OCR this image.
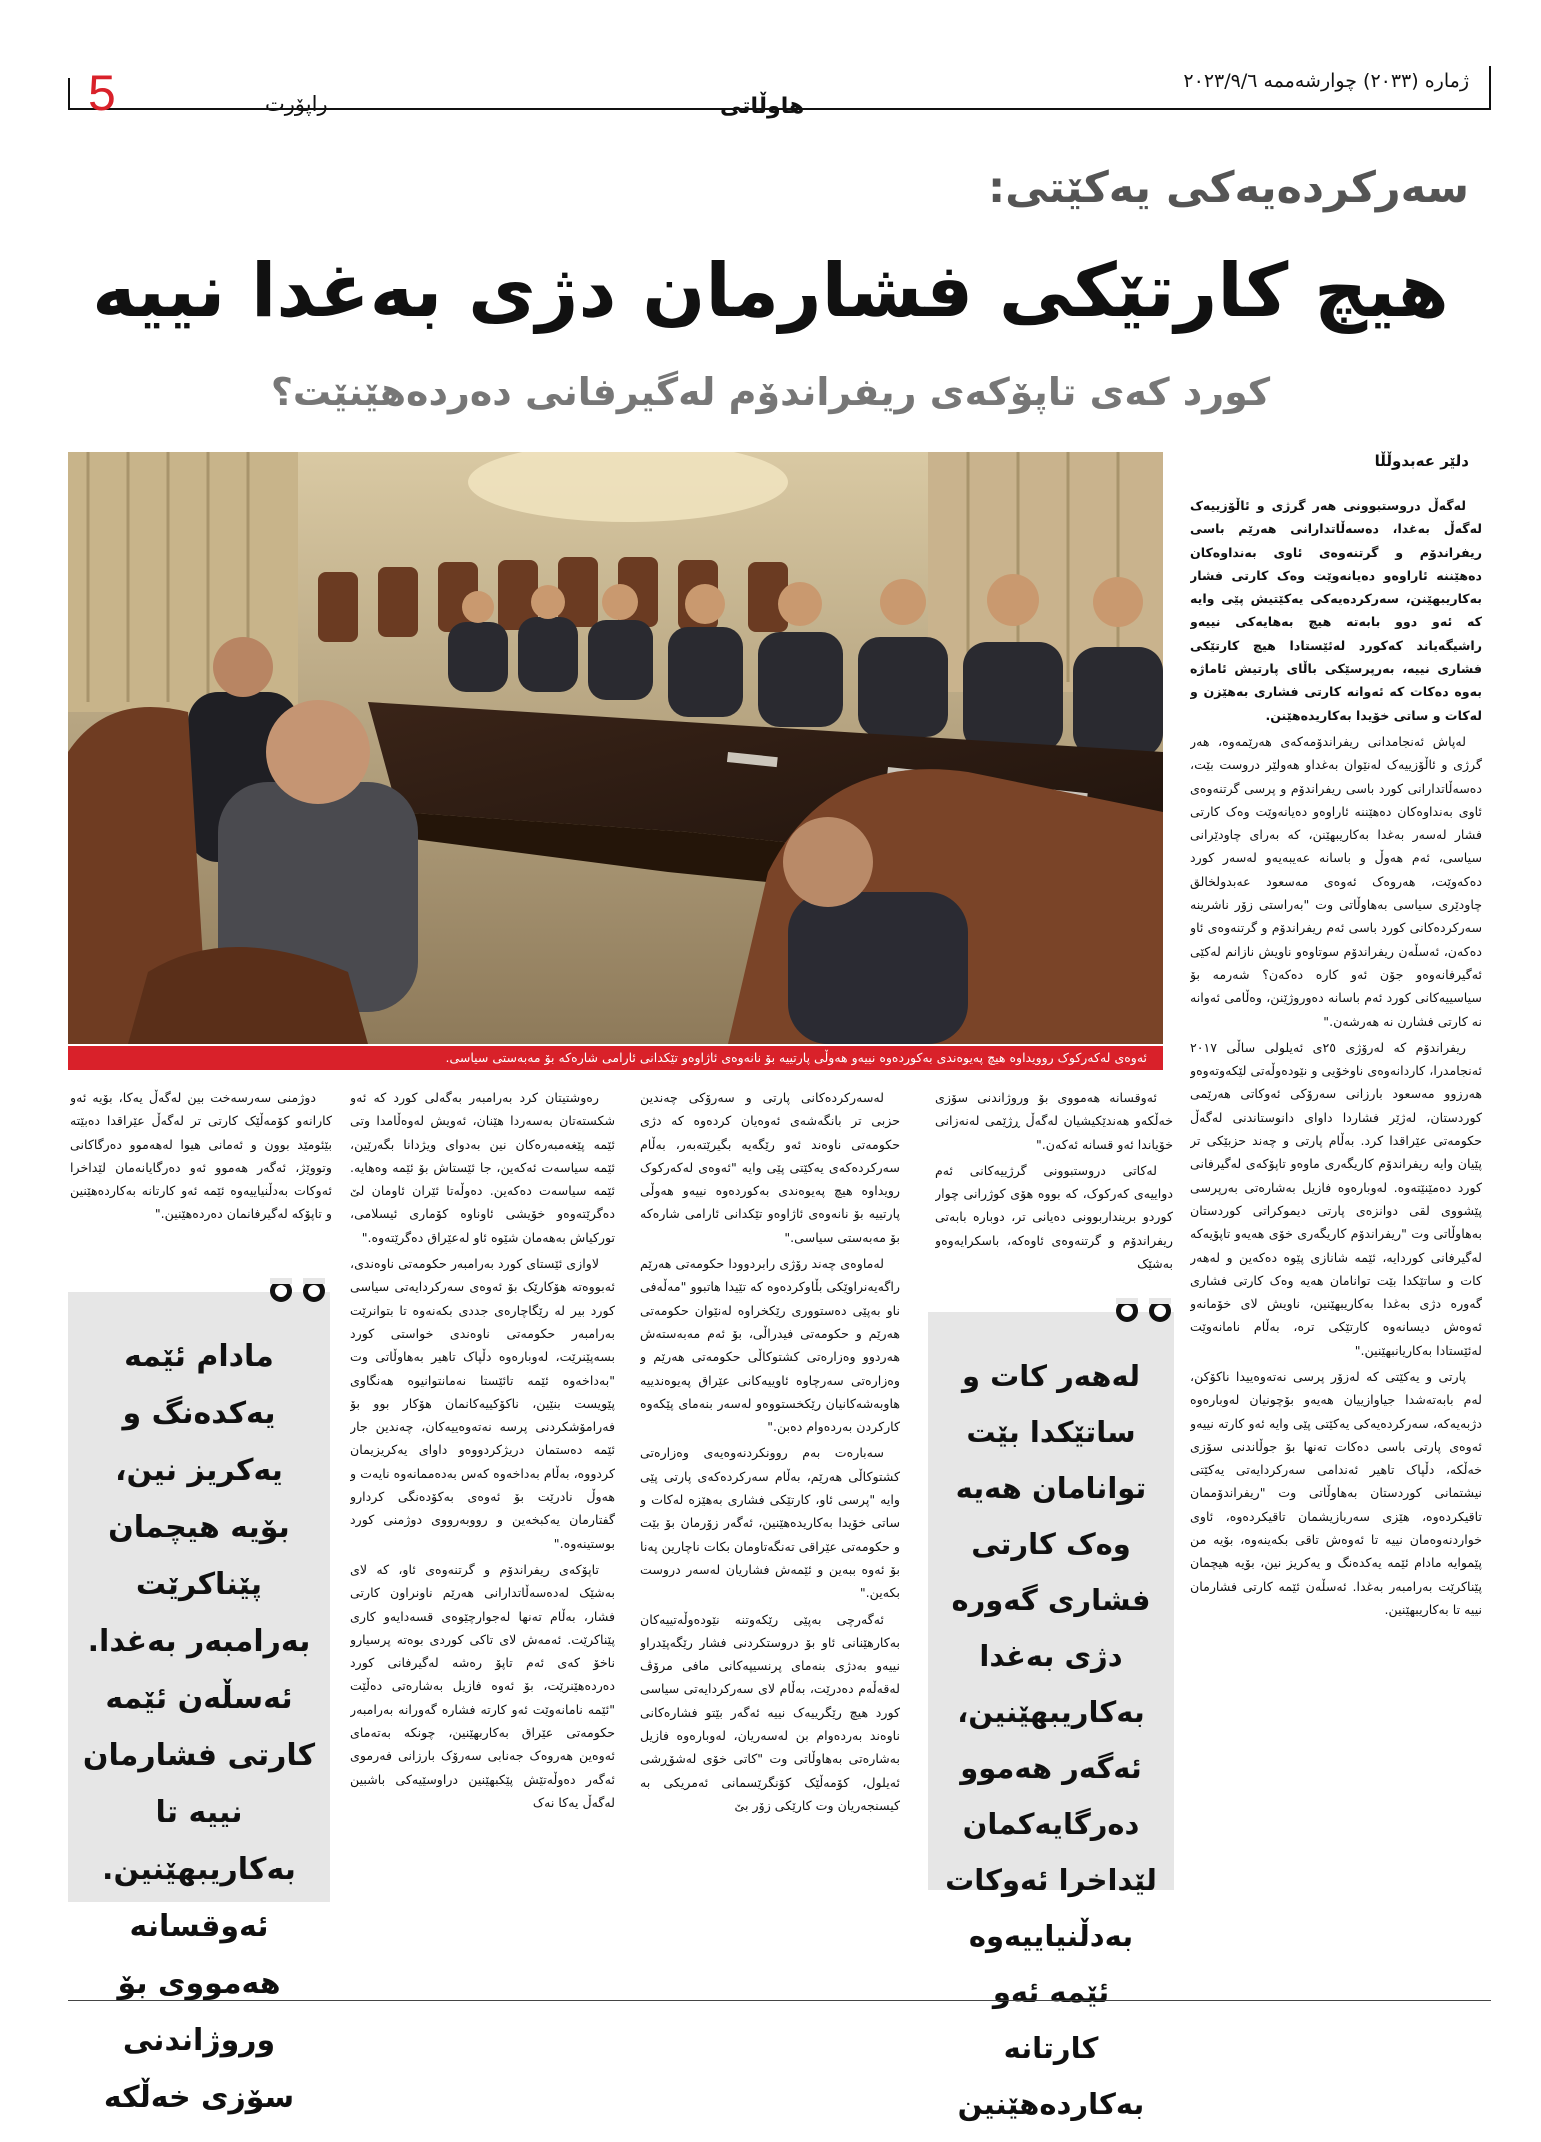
5	راپۆرت	هاوڵاتی
ژمارە (٢٠٣٣) چوارشەممە ٢٠٢٣/٩/٦
سەرکردەیەکی یەکێتی:
هیچ کارتێکی فشارمان دژی بەغدا نییە
کورد کەی تاپۆکەی ریفراندۆم لەگیرفانی دەردەهێنێت؟
ئەوەی لەکەرکوک روویداوە هیچ پەیوەندی بەکوردەوە نییەو هەوڵی پارتییە بۆ نانەوەی ئاژاوەو تێکدانی ئارامی شارەکە بۆ مەبەستی سیاسی.
دلێر عەبدوڵڵا

لەگەڵ دروستبوونی هەر گرژی و ئاڵۆزییەک لەگەڵ بەغدا، دەسەڵاتدارانی هەرێم باسی ریفراندۆم و گرتنەوەی ئاوی بەنداوەکان دەهێننە ئاراوەو دەیانەوێت وەک کارتی فشار بەکاریبهێنن، سەرکردەیەکی یەکێتیش پێی وایە کە ئەو دوو بابەتە هیچ بەهایەکی نییەو راشیگەیاند کەکورد لەئێستادا هیچ کارتێکی فشاری نییە، بەرپرسێکی باڵای پارتیش ئاماژە بەوە دەکات کە ئەوانە کارتی فشاری بەهێزن و لەکات و ساتی خۆیدا بەکاریدەهێنن.

لەپاش ئەنجامدانی ریفراندۆمەکەی هەرێمەوە، هەر گرژی و ئاڵۆزییەک لەنێوان بەغداو هەولێر دروست بێت، دەسەڵاتدارانی کورد باسی ریفراندۆم و پرسی گرتنەوەی ئاوی بەنداوەکان دەهێننە ئاراوەو دەیانەوێت وەک کارتی فشار لەسەر بەغدا بەکاریبهێنن، کە بەرای چاودێرانی سیاسی، ئەم هەوڵ و باسانە عەیبەیەو لەسەر کورد دەکەوێت، هەروەک ئەوەی مەسعود عەبدولخالق چاودێری سیاسی بەهاوڵاتی وت "بەراستی زۆر ناشرینە سەرکردەکانی کورد باسی ئەم ریفراندۆم و گرتنەوەی ئاو دەکەن، ئەسڵەن ریفراندۆم سوتاوەو ناویش نازانم لەکێی ئەگیرفانەوەو جۆن ئەو کارە دەکەن؟ شەرمە بۆ سیاسییەکانی کورد ئەم باسانە دەوروژێنن، وەڵامی ئەوانە نە کارتی فشارن نە هەرشەن."

ریفراندۆم کە لەرۆژی ٢٥ی ئەیلولی ساڵی ٢٠١٧ ئەنجامدرا، کاردانەوەی ناوخۆیی و نێودەوڵەتی لێکەوتەوەو هەرزوو مەسعود بارزانی سەرۆکی ئەوکاتی هەرێمی کوردستان، لەژێر فشاردا داوای دانوستاندنی لەگەڵ حکومەتی عێراقدا کرد. بەڵام پارتی و چەند حزبێکی تر پێیان وایە ریفراندۆم کاریگەری ماوەو تاپۆکەی لەگیرفانی کورد دەمێنێتەوە. لەوبارەوە فازیل بەشارەتی بەرپرسی پێشووی لقی دوانزەی پارتی دیموکراتی کوردستان بەهاوڵاتی وت "ریفراندۆم کاریگەری خۆی هەیەو تاپۆیەکە لەگیرفانی کوردایە، ئێمە شانازی پێوە دەکەین و لەهەر کات و ساتێکدا بێت توانامان هەیە وەک کارتی فشاری گەورە دژی بەغدا بەکاریبهێنین، ناویش لای خۆمانەو ئەوەش دیسانەوە کارتێکی ترە، بەڵام نامانەوێت لەئێستادا بەکاریانبهێنین."

پارتی و یەکێتی کە لەزۆر پرسی نەتەوەییدا ناکۆکن، لەم بابەتەشدا جیاوازییان هەیەو بۆچونیان لەوبارەوە دژبەیەکە، سەرکردەیەکی یەکێتی پێی وایە ئەو کارتە نییەو ئەوەی پارتی باسی دەکات تەنها بۆ جوڵاندنی سۆزی خەڵکە، دڵپاک تاهیر ئەندامی سەرکردایەتی یەکێتی نیشتمانی کوردستان بەهاوڵاتی وت "ریفراندۆممان تاقیکردەوە، هێزی سەربازیشمان تاقیکردەوە، ئاوی خواردنەوەمان نییە تا ئەوەش تاقی بکەینەوە، بۆیە من پێموایە مادام ئێمە یەکدەنگ و یەکریز نین، بۆیە هیچمان پێناکرێت بەرامبەر بەغدا. ئەسڵەن ئێمە کارتی فشارمان نییە تا بەکاریبهێنین.

ئەوقسانە هەمووی بۆ وروژاندنی سۆزی خەڵکەو هەندێکیشیان لەگەڵ ڕژێمی لەنەزانی خۆیاندا ئەو قسانە ئەکەن."

لەکاتی دروستبوونی گرژییەکانی ئەم دواییەی کەرکوک، کە بووە هۆی کوژرانی چوار کوردو برینداربوونی دەیانی تر، دوبارە بابەتی ریفراندۆم و گرتنەوەی ئاوەکە، باسکرایەوەو بەشێک

لەسەرکردەکانی پارتی و سەرۆکی چەندین حزبی تر بانگەشەی ئەوەیان کردەوە کە دژی حکومەتی ناوەند ئەو رێگەیە بگیرێتەبەر، بەڵام سەرکردەکەی یەکێتی پێی وایە "ئەوەی لەکەرکوک رویداوە هیچ پەیوەندی بەکوردەوە نییەو هەوڵی پارتییە بۆ نانەوەی ئاژاوەو تێکدانی ئارامی شارەکە بۆ مەبەستی سیاسی."

لەماوەی چەند رۆژی رابردوودا حکومەتی هەرێم راگەیەنراوێکی بڵاوکردەوە کە تێیدا هاتبوو "مەڵەفی ناو بەپێی دەستووری رێکخراوە لەنێوان حکومەتی هەرێم و حکومەتی فیدراڵی، بۆ ئەم مەبەستەش هەردوو وەزارەتی کشتوکاڵی حکومەتی هەرێم و وەزارەتی سەرچاوە ئاوییەکانی عێراق پەیوەندییە هاوبەشەکانیان رێکخستووەو لەسەر بنەمای پێکەوە کارکردن بەردەوام دەبن."

سەبارەت بەم روونکردنەوەیەی وەزارەتی کشتوکاڵی هەرێم، بەڵام سەرکردەکەی پارتی پێی وایە "پرسی ئاو، کارتێکی فشاری بەهێزە لەکات و ساتی خۆیدا بەکاریدەهێنین، ئەگەر زۆرمان بۆ بێت و حکومەتی عێراقی تەنگەتاومان بکات ناچارین پەنا بۆ ئەوە ببەین و ئێمەش فشاریان لەسەر دروست بکەین."

ئەگەرچی بەپێی رێکەوتنە نێودەوڵەتییەکان بەکارهێنانی ئاو بۆ دروستکردنی فشار رێگەپێدراو نییەو بەدژی بنەمای پرنسیپەکانی مافی مرۆڤ لەقەڵەم دەدرێت، بەڵام لای سەرکردایەتی سیاسی کورد هیچ رێگرییەک نییە ئەگەر بێتو فشارەکانی ناوەند بەردەوام بن لەسەریان، لەوبارەوە فازیل بەشارەتی بەهاوڵاتی وت "کاتی خۆی لەشۆڕشی ئەیلول، کۆمەڵێک کۆنگرێسمانی ئەمریکی بە کیسنجەریان وت کارێکی زۆر بێ

رەوشتیتان کرد بەرامبەر بەگەلی کورد کە ئەو شکستەتان بەسەردا هێنان، ئەویش لەوەڵامدا وتی ئێمە پێغەمبەرەکان نین بەدوای ویژدانا بگەرێین، ئێمە سیاسەت ئەکەین، جا ئێستاش بۆ ئێمە وەهایە. ئێمە سیاسەت دەکەین. دەوڵەتا ئێران ئاومان لێ دەگرێتەوەو خۆیشی ئاوناوە کۆماری ئیسلامی، تورکیاش بەهەمان شێوە ئاو لەعێراق دەگرێتەوە."

لاوازی ئێستای کورد بەرامبەر حکومەتی ناوەندی، ئەبووەتە هۆکارێک بۆ ئەوەی سەرکردایەتی سیاسی کورد بیر لە رێگاچارەی جددی بکەنەوە تا بتوانرێت بەرامبەر حکومەتی ناوەندی خواستی کورد بسەپێنرێت، لەوبارەوە دڵپاک تاهیر بەهاوڵاتی وت "بەداخەوە ئێمە تائێستا نەمانتوانیوە هەنگاوی پێویست بنێین، ناکۆکییەکانمان هۆکار بوو بۆ فەرامۆشکردنی پرسە نەتەوەییەکان، چەندین جار ئێمە دەستمان دریژکردووەو داوای یەکریزیمان کردووە، بەڵام بەداخەوە کەس بەدەممانەوە نایەت و هەوڵ نادرێت بۆ ئەوەی بەکۆدەنگی کردارو گفتارمان یەکبخەین و رووبەرووی دوژمنی کورد بوستینەوە."

تاپۆکەی ریفراندۆم و گرتنەوەی ئاو، کە لای بەشێک لەدەسەڵاتدارانی هەرێم ناونراون کارتی فشار، بەڵام تەنها لەجوارچێوەی قسەدایەو کاری پێناکرێت. ئەمەش لای تاکی کوردی بوەتە پرسیارو ناخۆ کەی ئەم تاپۆ رەشە لەگیرفانی کورد دەردەهێنرێت، بۆ ئەوە فازیل بەشارەتی دەڵێت "ئێمە نامانەوێت ئەو کارتە فشارە گەورانە بەرامبەر حکومەتی عێراق بەکاربهێنین، چونکە بەتەمای ئەوەین هەروەک جەنابی سەرۆک بارزانی فەرموی ئەگەر دەوڵەتێش پێکبهێنین دراوسێیەکی باشبین لەگەڵ یەکا نەک

دوژمنی سەرسەخت بین لەگەڵ یەکا، بۆیە ئەو کارانەو کۆمەڵێک کارتی تر لەگەڵ عێراقدا دەبێتە بێئومێد بوون و ئەمانی هیوا لەهەموو دەرگاکانی وتووێژ، ئەگەر هەموو ئەو دەرگایانەمان لێداخرا ئەوکات بەدڵنیاییەوە ئێمە ئەو کارتانە بەکاردەهێنین و تاپۆکە لەگیرفانمان دەردەهێنین."

لەهەر کات و ساتێکدا بێت توانامان هەیە وەک کارتی فشاری گەورە دژی بەغدا بەکاریبهێنین، ئەگەر هەموو دەرگایەکمان لێداخرا ئەوکات بەدڵنیاییەوە ئێمە ئەو کارتانە بەکاردەهێنین
مادام ئێمە یەکدەنگ و یەکریز نین، بۆیە هیچمان پێناکرێت بەرامبەر بەغدا. ئەسڵەن ئێمە کارتی فشارمان نییە تا بەکاریبهێنین. ئەوقسانە هەمووی بۆ وروژاندنی سۆزی خەڵکە
